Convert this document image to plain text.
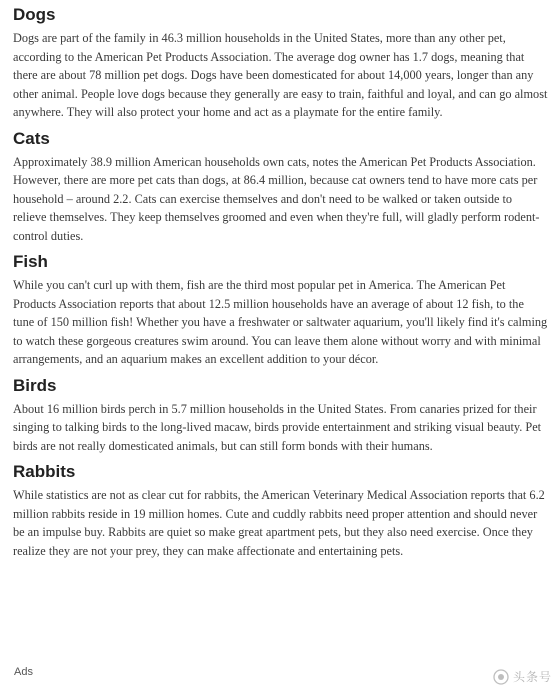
Dogs

Dogs are part of the family in 46.3 million households in the United States, more than any other pet, according to the American Pet Products Association. The average dog owner has 1.7 dogs, meaning that there are about 78 million pet dogs. Dogs have been domesticated for about 14,000 years, longer than any other animal. People love dogs because they generally are easy to train, faithful and loyal, and can go almost anywhere. They will also protect your home and act as a playmate for the entire family.

Cats

Approximately 38.9 million American households own cats, notes the American Pet Products Association. However, there are more pet cats than dogs, at 86.4 million, because cat owners tend to have more cats per household – around 2.2. Cats can exercise themselves and don't need to be walked or taken outside to relieve themselves. They keep themselves groomed and even when they're full, will gladly perform rodent-control duties.

Fish

While you can't curl up with them, fish are the third most popular pet in America. The American Pet Products Association reports that about 12.5 million households have an average of about 12 fish, to the tune of 150 million fish! Whether you have a freshwater or saltwater aquarium, you'll likely find it's calming to watch these gorgeous creatures swim around. You can leave them alone without worry and with minimal arrangements, and an aquarium makes an excellent addition to your décor.

Birds

About 16 million birds perch in 5.7 million households in the United States. From canaries prized for their singing to talking birds to the long-lived macaw, birds provide entertainment and striking visual beauty. Pet birds are not really domesticated animals, but can still form bonds with their humans.

Rabbits

While statistics are not as clear cut for rabbits, the American Veterinary Medical Association reports that 6.2 million rabbits reside in 19 million homes. Cute and cuddly rabbits need proper attention and should never be an impulse buy. Rabbits are quiet so make great apartment pets, but they also need exercise. Once they realize they are not your prey, they can make affectionate and entertaining pets.

Ads	头条号
